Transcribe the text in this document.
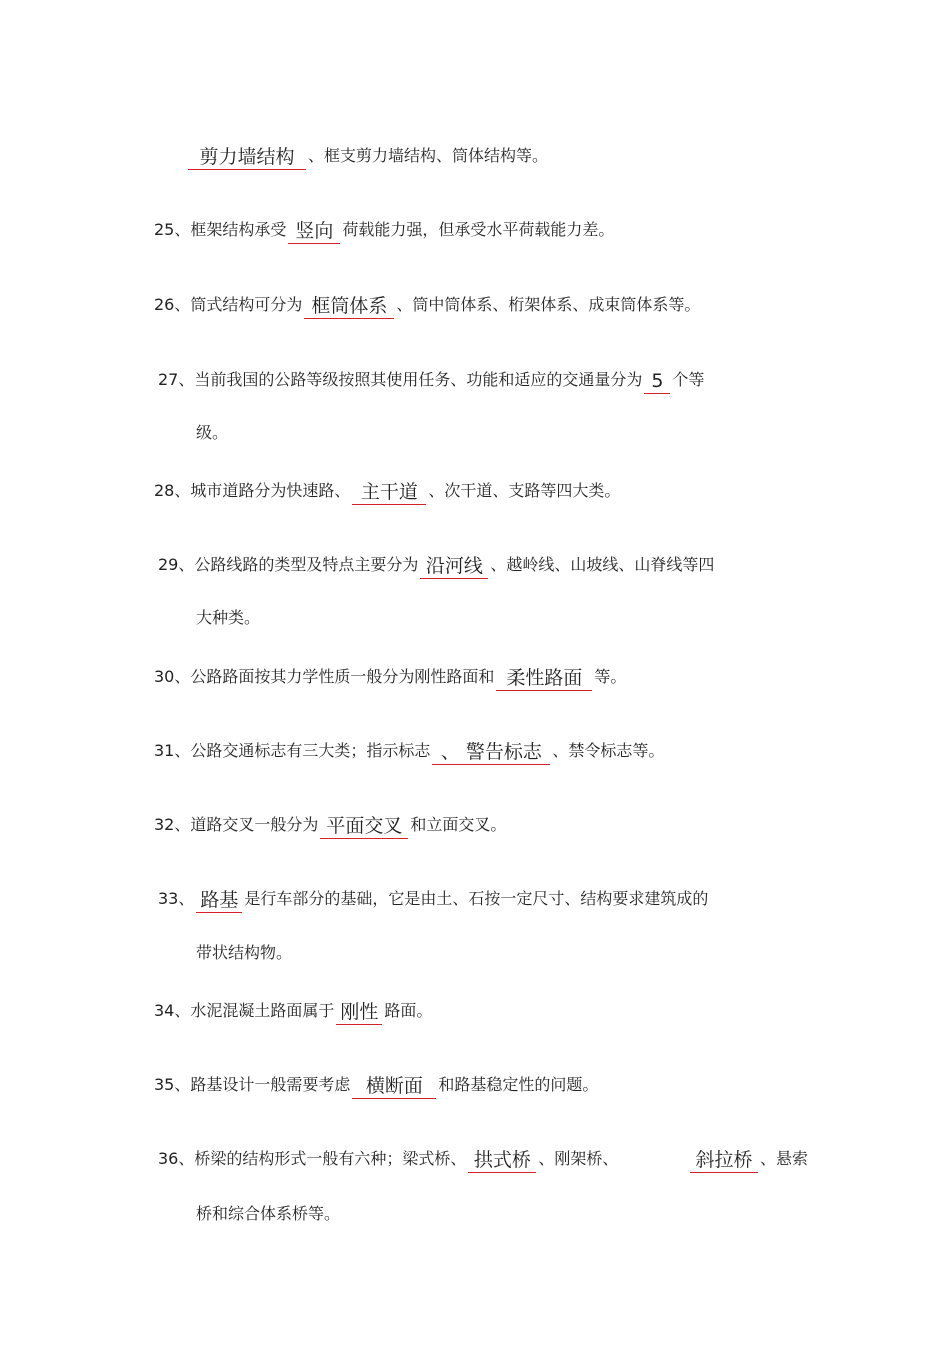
剪力墙结构 、框支剪力墙结构、筒体结构等。
25、框架结构承受 竖向 荷载能力强，但承受水平荷载能力差。
26、筒式结构可分为 框筒体系 、筒中筒体系、桁架体系、成束筒体系等。
27、当前我国的公路等级按照其使用任务、功能和适应的交通量分为 5 个等
级。
28、城市道路分为快速路、 主干道 、次干道、支路等四大类。
29、公路线路的类型及特点主要分为 沿河线 、越岭线、山坡线、山脊线等四
大种类。
30、公路路面按其力学性质一般分为刚性路面和 柔性路面 等。
31、公路交通标志有三大类；指示标志 、 警告标志 、禁令标志等。
32、道路交叉一般分为 平面交叉 和立面交叉。
33、 路基 是行车部分的基础，它是由土、石按一定尺寸、结构要求建筑成的
带状结构物。
34、水泥混凝土路面属于 刚性 路面。
35、路基设计一般需要考虑 横断面 和路基稳定性的问题。
36、桥梁的结构形式一般有六种；梁式桥、 拱式桥 、刚架桥、
桥和综合体系桥等。
斜拉桥 、悬索
